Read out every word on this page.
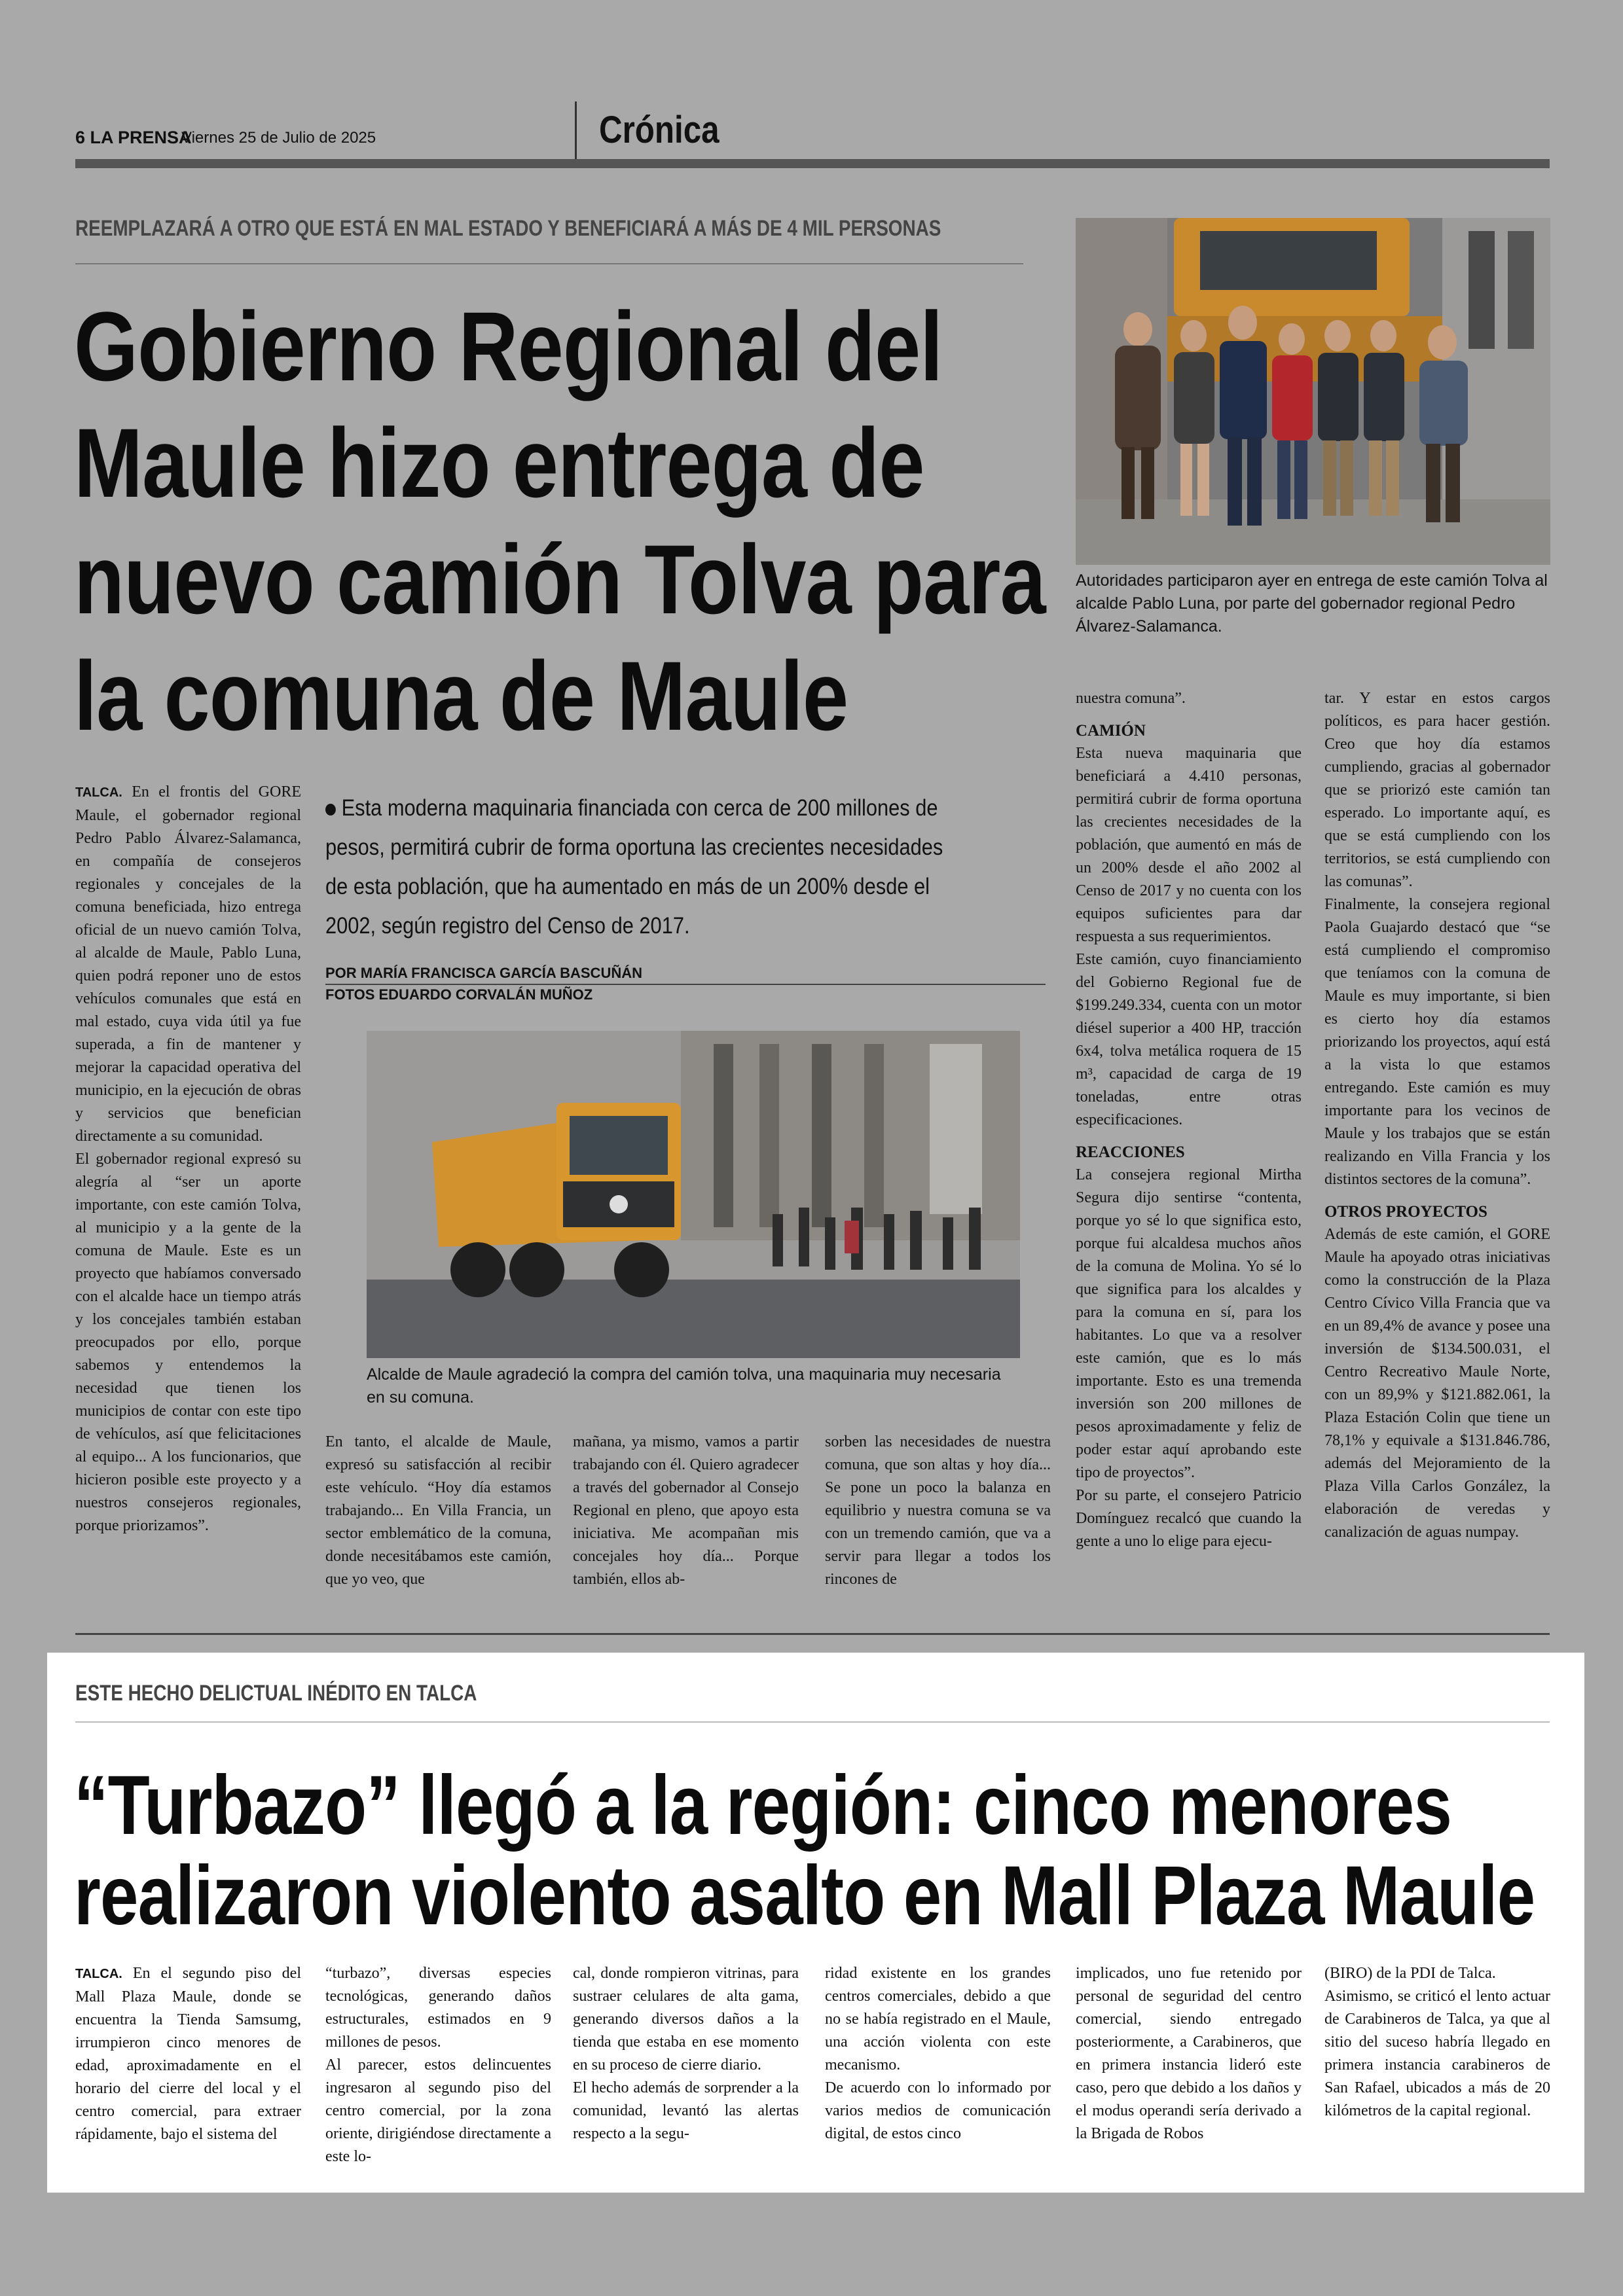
6 LA PRENSA
Viernes 25 de Julio de 2025	Crónica
REEMPLAZARÁ A OTRO QUE ESTÁ EN MAL ESTADO Y BENEFICIARÁ A MÁS DE 4 MIL PERSONAS
Gobierno Regional del
Maule hizo entrega de
nuevo camión Tolva para
la comuna de Maule
Autoridades participaron ayer en entrega de este camión Tolva al alcalde Pablo Luna, por parte del gobernador regional Pedro Álvarez-Salamanca.

TALCA. En el frontis del GORE Maule, el gobernador regional Pedro Pablo Álvarez-Salamanca, en compañía de consejeros regionales y concejales de la comuna beneficiada, hizo entrega oficial de un nuevo camión Tolva, al alcalde de Maule, Pablo Luna, quien podrá reponer uno de estos vehículos comunales que está en mal estado, cuya vida útil ya fue superada, a fin de mantener y mejorar la capacidad operativa del municipio, en la ejecución de obras y servicios que benefician directamente a su comunidad.

El gobernador regional expresó su alegría al “ser un aporte importante, con este camión Tolva, al municipio y a la gente de la comuna de Maule. Este es un proyecto que habíamos conversado con el alcalde hace un tiempo atrás y los concejales también estaban preocupados por ello, porque sabemos y entendemos la necesidad que tienen los municipios de contar con este tipo de vehículos, así que felicitaciones al equipo... A los funcionarios, que hicieron posible este proyecto y a nuestros consejeros regionales, porque priorizamos”.

Esta moderna maquinaria financiada con cerca de 200 millones de pesos, permitirá cubrir de forma oportuna las crecientes necesidades de esta población, que ha aumentado en más de un 200% desde el 2002, según registro del Censo de 2017.
POR MARÍA FRANCISCA GARCÍA BASCUÑÁN
FOTOS EDUARDO CORVALÁN MUÑOZ
Alcalde de Maule agradeció la compra del camión tolva, una maquinaria muy necesaria en su comuna.

En tanto, el alcalde de Maule, expresó su satisfacción al recibir este vehículo. “Hoy día estamos trabajando... En Villa Francia, un sector emblemático de la comuna, donde necesitábamos este camión, que yo veo, que

mañana, ya mismo, vamos a partir trabajando con él. Quiero agradecer a través del gobernador al Consejo Regional en pleno, que apoyo esta iniciativa. Me acompañan mis concejales hoy día... Porque también, ellos ab-

sorben las necesidades de nuestra comuna, que son altas y hoy día... Se pone un poco la balanza en equilibrio y nuestra comuna se va con un tremendo camión, que va a servir para llegar a todos los rincones de

nuestra comuna”.

CAMIÓN

Esta nueva maquinaria que beneficiará a 4.410 personas, permitirá cubrir de forma oportuna las crecientes necesidades de la población, que aumentó en más de un 200% desde el año 2002 al Censo de 2017 y no cuenta con los equipos suficientes para dar respuesta a sus requerimientos.

Este camión, cuyo financiamiento del Gobierno Regional fue de $199.249.334, cuenta con un motor diésel superior a 400 HP, tracción 6x4, tolva metálica roquera de 15 m³, capacidad de carga de 19 toneladas, entre otras especificaciones.

REACCIONES

La consejera regional Mirtha Segura dijo sentirse “contenta, porque yo sé lo que significa esto, porque fui alcaldesa muchos años de la comuna de Molina. Yo sé lo que significa para los alcaldes y para la comuna en sí, para los habitantes. Lo que va a resolver este camión, que es lo más importante. Esto es una tremenda inversión son 200 millones de pesos aproximadamente y feliz de poder estar aquí aprobando este tipo de proyectos”.

Por su parte, el consejero Patricio Domínguez recalcó que cuando la gente a uno lo elige para ejecu-

tar. Y estar en estos cargos políticos, es para hacer gestión. Creo que hoy día estamos cumpliendo, gracias al gobernador que se priorizó este camión tan esperado. Lo importante aquí, es que se está cumpliendo con los territorios, se está cumpliendo con las comunas”.

Finalmente, la consejera regional Paola Guajardo destacó que “se está cumpliendo el compromiso que teníamos con la comuna de Maule es muy importante, si bien es cierto hoy día estamos priorizando los proyectos, aquí está a la vista lo que estamos entregando. Este camión es muy importante para los vecinos de Maule y los trabajos que se están realizando en Villa Francia y los distintos sectores de la comuna”.

OTROS PROYECTOS

Además de este camión, el GORE Maule ha apoyado otras iniciativas como la construcción de la Plaza Centro Cívico Villa Francia que va en un 89,4% de avance y posee una inversión de $134.500.031, el Centro Recreativo Maule Norte, con un 89,9% y $121.882.061, la Plaza Estación Colin que tiene un 78,1% y equivale a $131.846.786, además del Mejoramiento de la Plaza Villa Carlos González, la elaboración de veredas y canalización de aguas numpay.

ESTE HECHO DELICTUAL INÉDITO EN TALCA
“Turbazo” llegó a la región: cinco menores
realizaron violento asalto en Mall Plaza Maule

TALCA. En el segundo piso del Mall Plaza Maule, donde se encuentra la Tienda Samsumg, irrumpieron cinco menores de edad, aproximadamente en el horario del cierre del local y el centro comercial, para extraer rápidamente, bajo el sistema del

“turbazo”, diversas especies tecnológicas, generando daños estructurales, estimados en 9 millones de pesos.

Al parecer, estos delincuentes ingresaron al segundo piso del centro comercial, por la zona oriente, dirigiéndose directamente a este lo-

cal, donde rompieron vitrinas, para sustraer celulares de alta gama, generando diversos daños a la tienda que estaba en ese momento en su proceso de cierre diario.

El hecho además de sorprender a la comunidad, levantó las alertas respecto a la segu-

ridad existente en los grandes centros comerciales, debido a que no se había registrado en el Maule, una acción violenta con este mecanismo.

De acuerdo con lo informado por varios medios de comunicación digital, de estos cinco

implicados, uno fue retenido por personal de seguridad del centro comercial, siendo entregado posteriormente, a Carabineros, que en primera instancia lideró este caso, pero que debido a los daños y el modus operandi sería derivado a la Brigada de Robos

(BIRO) de la PDI de Talca.

Asimismo, se criticó el lento actuar de Carabineros de Talca, ya que al sitio del suceso habría llegado en primera instancia carabineros de San Rafael, ubicados a más de 20 kilómetros de la capital regional.
